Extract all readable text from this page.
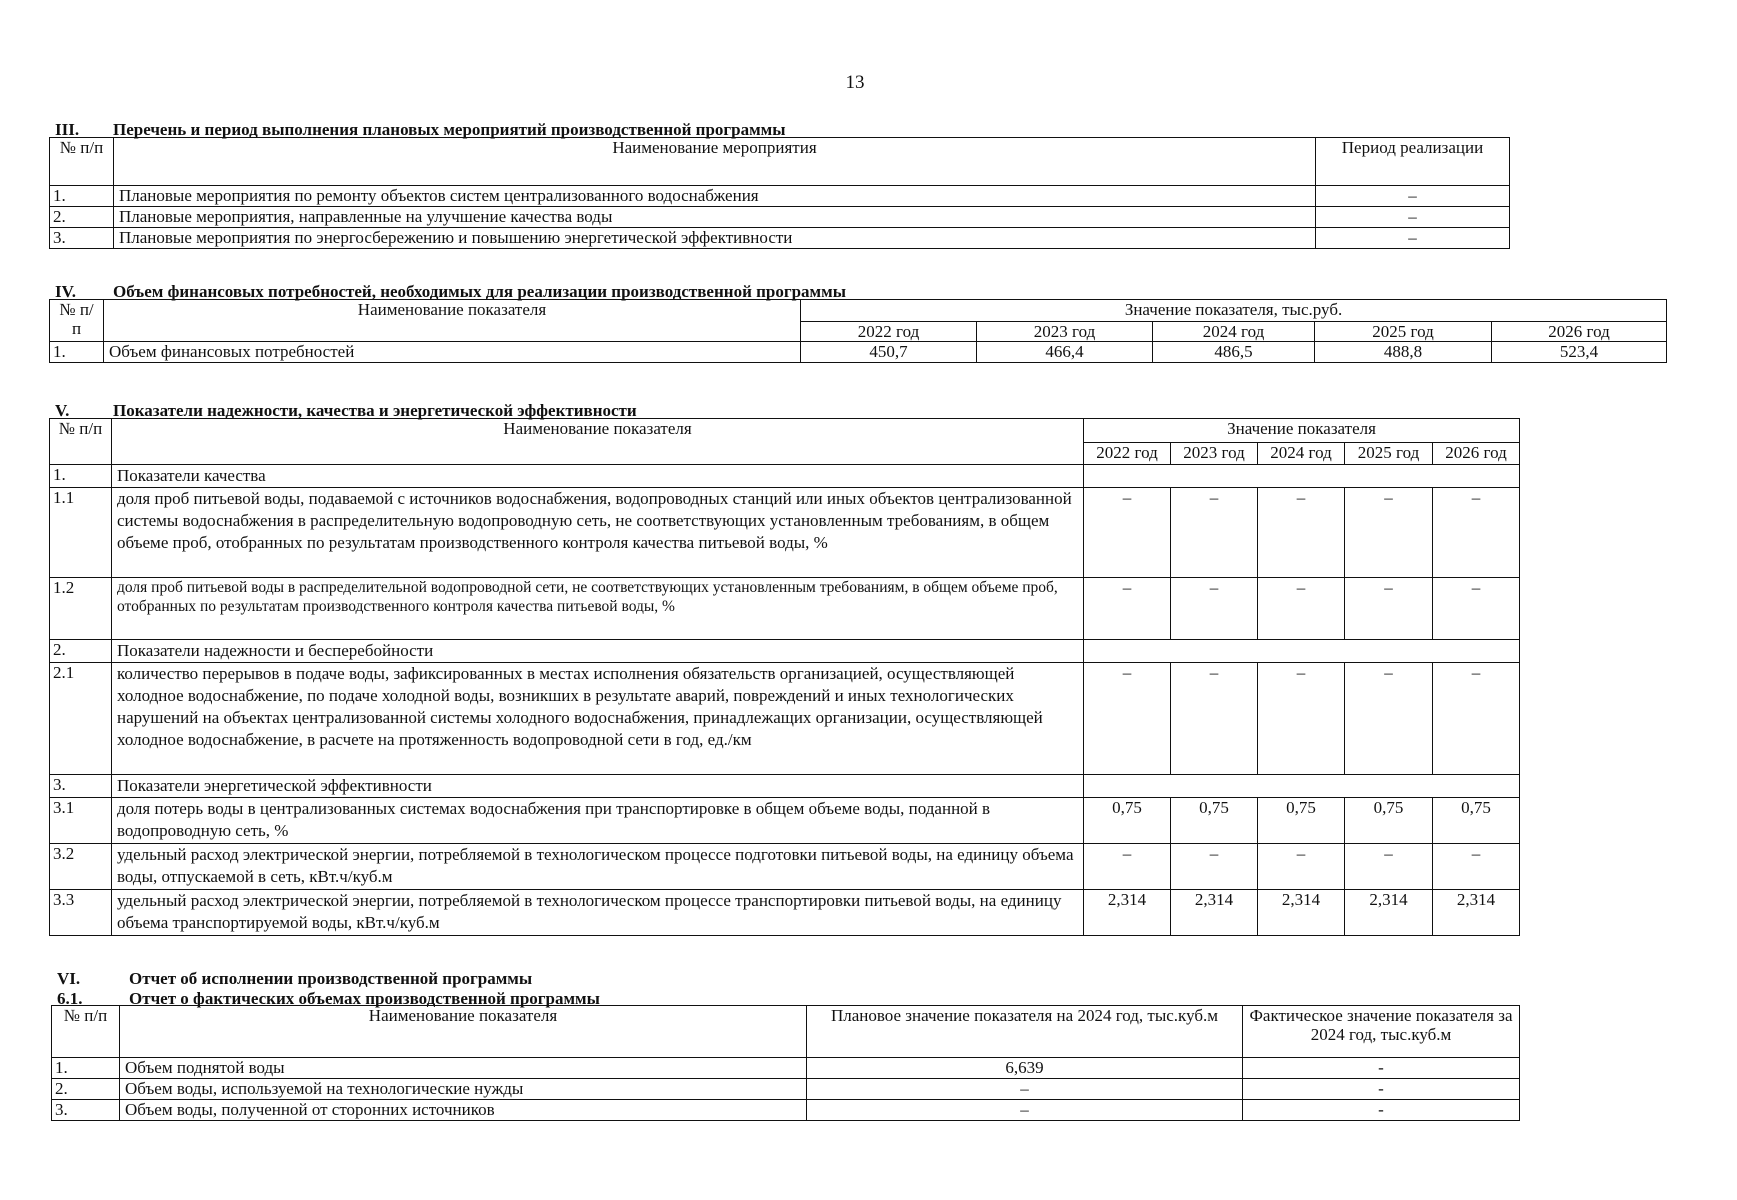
13
III. Перечень и период выполнения плановых мероприятий производственной программы
№ п/п	Наименование мероприятия	Период реализации
1.	Плановые мероприятия по ремонту объектов систем централизованного водоснабжения	–
2.	Плановые мероприятия, направленные на улучшение качества воды	–
3.	Плановые мероприятия по энергосбережению и повышению энергетической эффективности	–
IV. Объем финансовых потребностей, необходимых для реализации производственной программы
№ п/п	Наименование показателя	Значение показателя, тыс.руб.				
		2022 год	2023 год	2024 год	2025 год	2026 год
1.	Объем финансовых потребностей	450,7	466,4	486,5	488,8	523,4
V.	Показатели надежности, качества и энергетической эффективности
№ п/п	Наименование показателя	Значение показателя				
		2022 год	2023 год	2024 год	2025 год	2026 год
1.	Показатели качества					
1.1	доля проб питьевой воды, подаваемой с источников водоснабжения, водопроводных станций или иных объектов централизованной системы водоснабжения в распределительную водопроводную сеть, не соответствующих установленным требованиям, в общем объеме проб, отобранных по результатам производственного контроля качества питьевой воды, %	–	–	–	–	–
1.2	доля проб питьевой воды в распределительной водопроводной сети, не соответствующих установленным требованиям, в общем объеме проб, отобранных по результатам производственного контроля качества питьевой воды, %	–	–	–	–	–
2.	Показатели надежности и бесперебойности					
2.1	количество перерывов в подаче воды, зафиксированных в местах исполнения обязательств организацией, осуществляющей холодное водоснабжение, по подаче холодной воды, возникших в результате аварий, повреждений и иных технологических нарушений на объектах централизованной системы холодного водоснабжения, принадлежащих организации, осуществляющей холодное водоснабжение, в расчете на протяженность водопроводной сети в год, ед./км	–	–	–	–	–
3.	Показатели энергетической эффективности					
3.1	доля потерь воды в централизованных системах водоснабжения при транспортировке в общем объеме воды, поданной в водопроводную сеть, %	0,75	0,75	0,75	0,75	0,75
3.2	удельный расход электрической энергии, потребляемой в технологическом процессе подготовки питьевой воды, на единицу объема воды, отпускаемой в сеть, кВт.ч/куб.м	–	–	–	–	–
3.3	удельный расход электрической энергии, потребляемой в технологическом процессе транспортировки питьевой воды, на единицу объема транспортируемой воды, кВт.ч/куб.м	2,314	2,314	2,314	2,314	2,314
VI.	Отчет об исполнении производственной программы
6.1.	Отчет о фактических объемах производственной программы
№ п/п	Наименование показателя	Плановое значение показателя на 2024 год, тыс.куб.м	Фактическое значение показателя за 2024 год, тыс.куб.м
1.	Объем поднятой воды	6,639	-
2.	Объем воды, используемой на технологические нужды	–	-
3.	Объем воды, полученной от сторонних источников	–	-
